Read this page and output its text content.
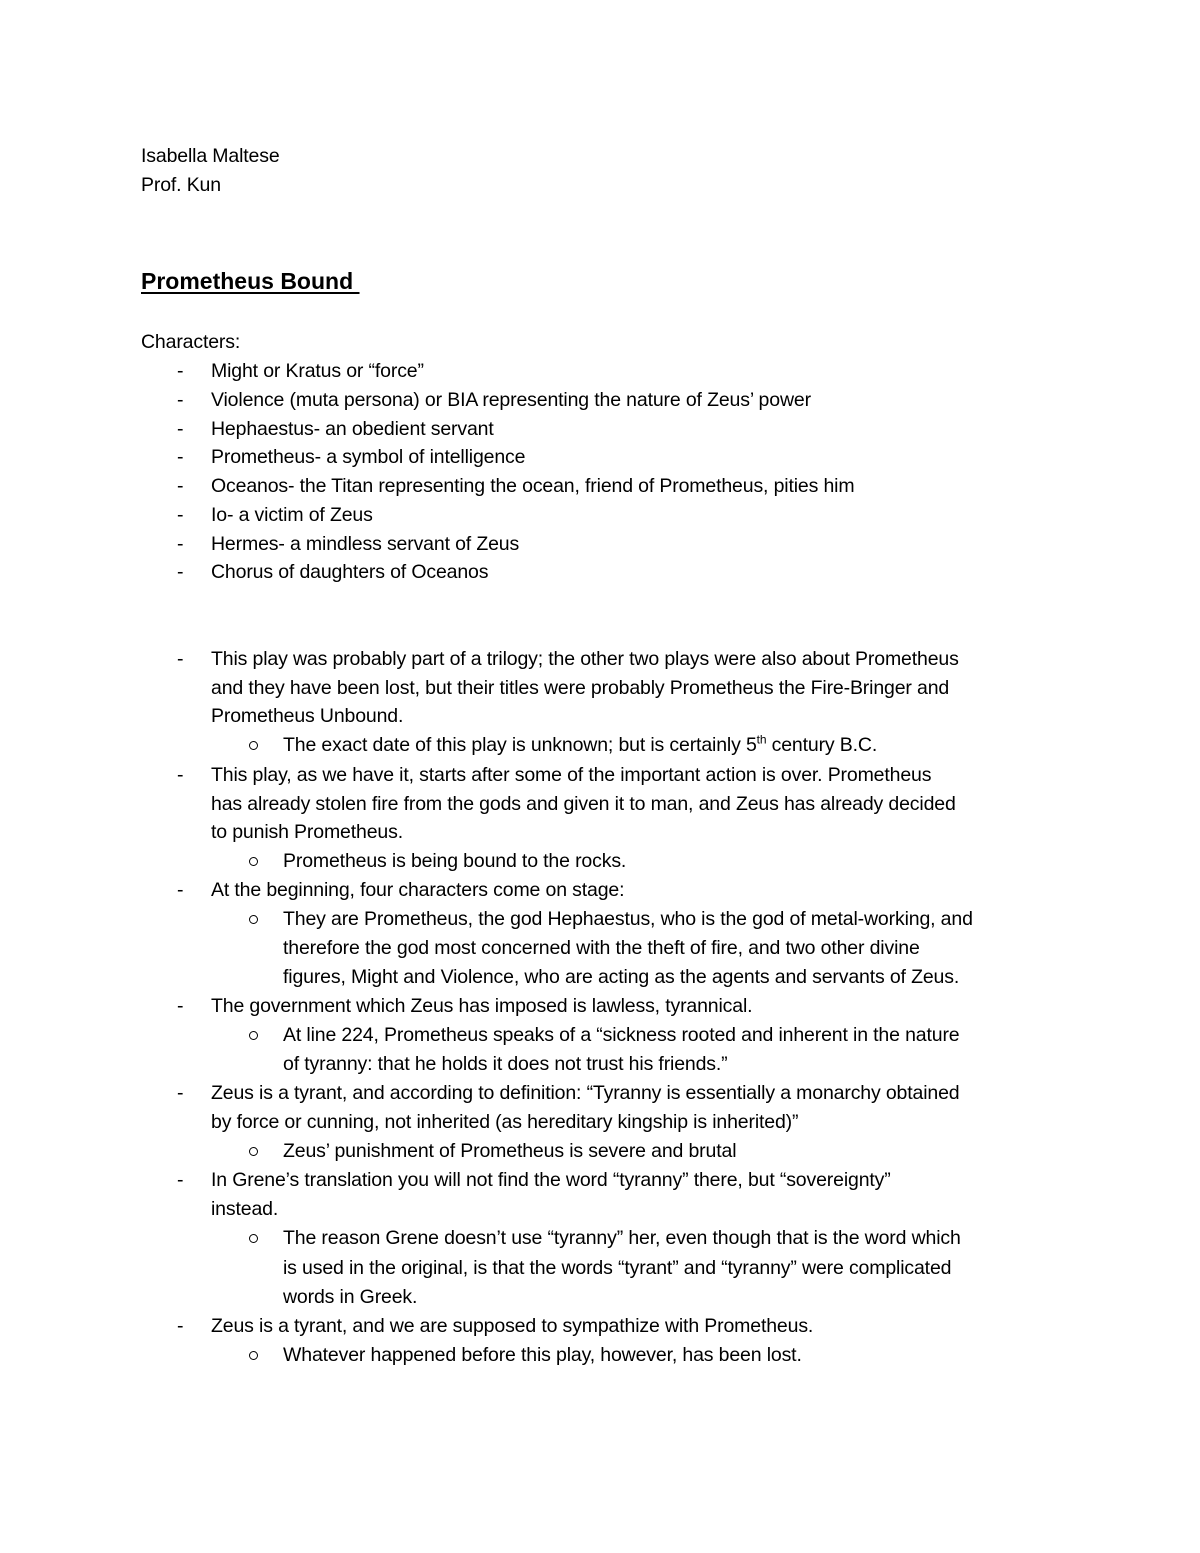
Isabella Maltese
Prof. Kun
Prometheus Bound
Characters:
- Might or Kratus or “force”
- Violence (muta persona) or BIA representing the nature of Zeus’ power
- Hephaestus- an obedient servant
- Prometheus- a symbol of intelligence
- Oceanos- the Titan representing the ocean, friend of Prometheus, pities him
- Io- a victim of Zeus
- Hermes- a mindless servant of Zeus
- Chorus of daughters of Oceanos
- This play was probably part of a trilogy; the other two plays were also about Prometheus
and they have been lost, but their titles were probably Prometheus the Fire-Bringer and
Prometheus Unbound.
The exact date of this play is unknown; but is certainly 5th century B.C.
- This play, as we have it, starts after some of the important action is over. Prometheus
has already stolen fire from the gods and given it to man, and Zeus has already decided
to punish Prometheus.
Prometheus is being bound to the rocks.
- At the beginning, four characters come on stage:
They are Prometheus, the god Hephaestus, who is the god of metal-working, and
therefore the god most concerned with the theft of fire, and two other divine
figures, Might and Violence, who are acting as the agents and servants of Zeus.
- The government which Zeus has imposed is lawless, tyrannical.
At line 224, Prometheus speaks of a “sickness rooted and inherent in the nature
of tyranny: that he holds it does not trust his friends.”
- Zeus is a tyrant, and according to definition: “Tyranny is essentially a monarchy obtained
by force or cunning, not inherited (as hereditary kingship is inherited)”
Zeus’ punishment of Prometheus is severe and brutal
- In Grene’s translation you will not find the word “tyranny” there, but “sovereignty”
instead.
The reason Grene doesn’t use “tyranny” her, even though that is the word which
is used in the original, is that the words “tyrant” and “tyranny” were complicated
words in Greek.
- Zeus is a tyrant, and we are supposed to sympathize with Prometheus.
Whatever happened before this play, however, has been lost.
